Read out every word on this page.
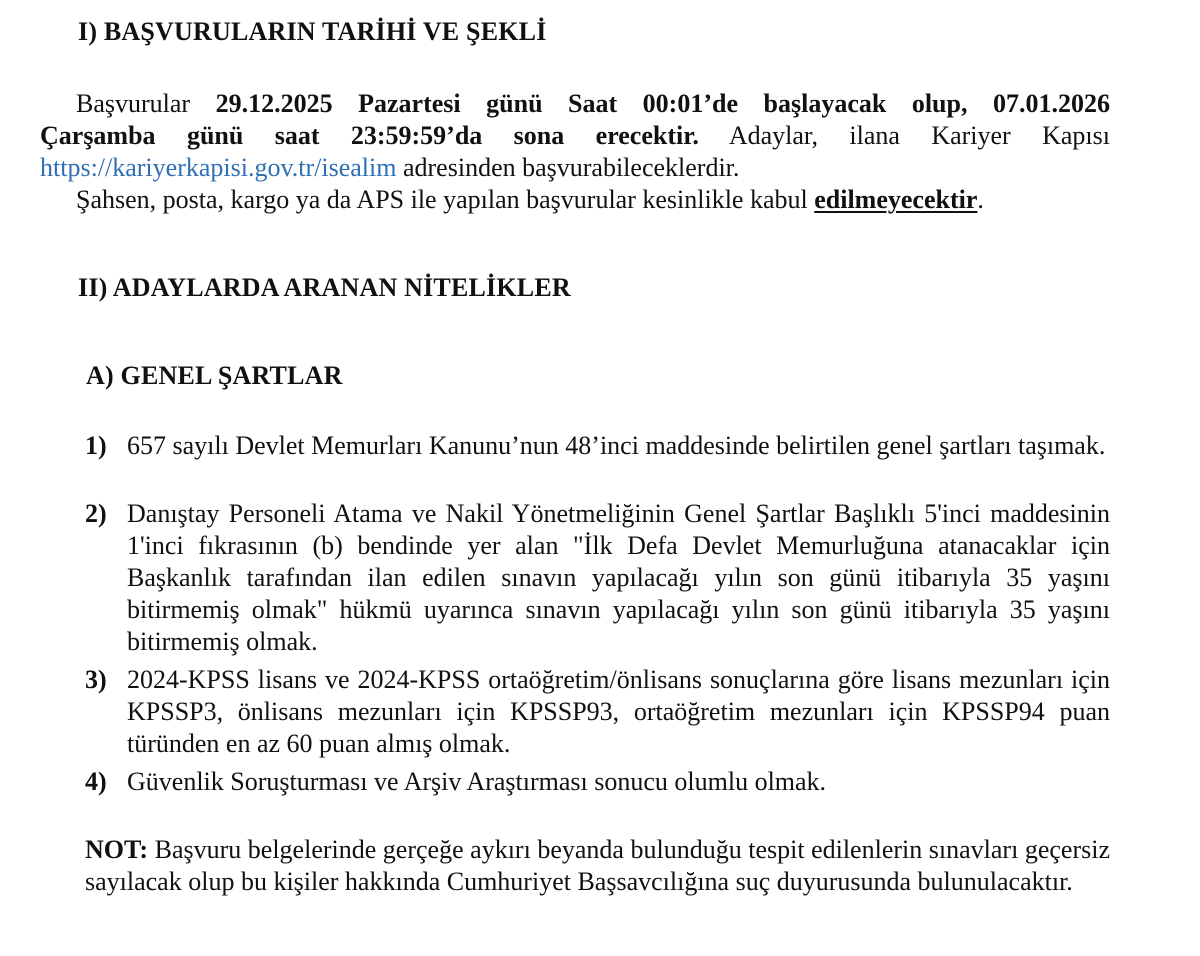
I) BAŞVURULARIN TARİHİ VE ŞEKLİ
Başvurular 29.12.2025 Pazartesi günü Saat 00:01’de başlayacak olup, 07.01.2026
Çarşamba günü saat 23:59:59’da sona erecektir. Adaylar, ilana Kariyer Kapısı
https://kariyerkapisi.gov.tr/isealim adresinden başvurabileceklerdir.
Şahsen, posta, kargo ya da APS ile yapılan başvurular kesinlikle kabul edilmeyecektir.
II) ADAYLARDA ARANAN NİTELİKLER
A) GENEL ŞARTLAR
1) 657 sayılı Devlet Memurları Kanunu’nun 48’inci maddesinde belirtilen genel şartları taşımak.
2) Danıştay Personeli Atama ve Nakil Yönetmeliğinin Genel Şartlar Başlıklı 5'inci maddesinin 1'inci fıkrasının (b) bendinde yer alan "İlk Defa Devlet Memurluğuna atanacaklar için Başkanlık tarafından ilan edilen sınavın yapılacağı yılın son günü itibarıyla 35 yaşını bitirmemiş olmak" hükmü uyarınca sınavın yapılacağı yılın son günü itibarıyla 35 yaşını bitirmemiş olmak.
3) 2024-KPSS lisans ve 2024-KPSS ortaöğretim/önlisans sonuçlarına göre lisans mezunları için KPSSP3, önlisans mezunları için KPSSP93, ortaöğretim mezunları için KPSSP94 puan türünden en az 60 puan almış olmak.
4) Güvenlik Soruşturması ve Arşiv Araştırması sonucu olumlu olmak.
NOT: Başvuru belgelerinde gerçeğe aykırı beyanda bulunduğu tespit edilenlerin sınavları geçersiz sayılacak olup bu kişiler hakkında Cumhuriyet Başsavcılığına suç duyurusunda bulunulacaktır.
